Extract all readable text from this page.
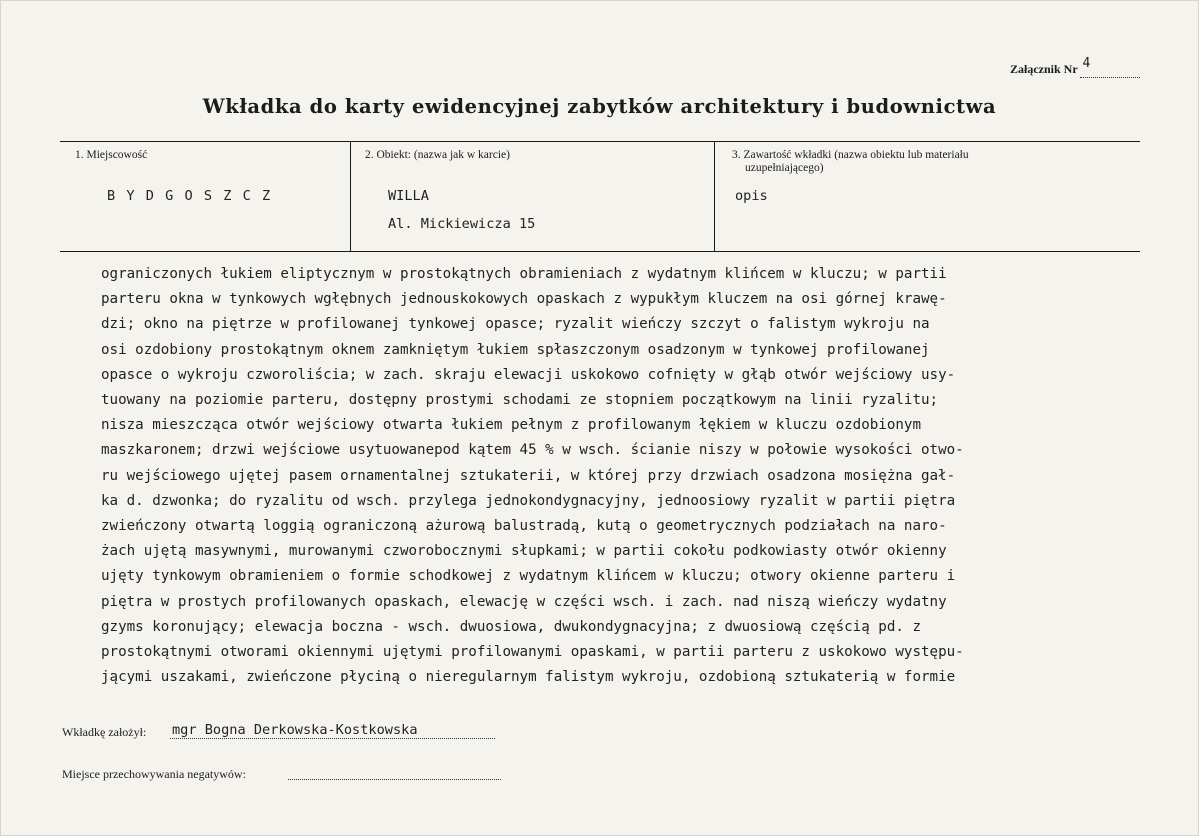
Załącznik Nr 4
Wkładka do karty ewidencyjnej zabytków architektury i budownictwa
1. Miejscowość
B Y D G O S Z C Z
2. Obiekt: (nazwa jak w karcie)
WILLA
Al. Mickiewicza 15
3. Zawartość wkładki (nazwa obiektu lub materiału
uzupełniającego)
opis
ograniczonych łukiem eliptycznym w prostokątnych obramieniach z wydatnym klińcem w kluczu; w partii
parteru okna w tynkowych wgłębnych jednouskokowych opaskach z wypukłym kluczem na osi górnej krawę-
dzi; okno na piętrze w profilowanej tynkowej opasce; ryzalit wieńczy szczyt o falistym wykroju na
osi ozdobiony prostokątnym oknem zamkniętym łukiem spłaszczonym osadzonym w tynkowej profilowanej
opasce o wykroju czworoliścia; w zach. skraju elewacji uskokowo cofnięty w głąb otwór wejściowy usy-
tuowany na poziomie parteru, dostępny prostymi schodami ze stopniem początkowym na linii ryzalitu;
nisza mieszcząca otwór wejściowy otwarta łukiem pełnym z profilowanym łękiem w kluczu ozdobionym
maszkaronem; drzwi wejściowe usytuowanepod kątem 45 % w wsch. ścianie niszy w połowie wysokości otwo-
ru wejściowego ujętej pasem ornamentalnej sztukaterii, w której przy drzwiach osadzona mosiężna gał-
ka d. dzwonka; do ryzalitu od wsch. przylega jednokondygnacyjny, jednoosiowy ryzalit w partii piętra
zwieńczony otwartą loggią ograniczoną ażurową balustradą, kutą o geometrycznych podziałach na naro-
żach ujętą masywnymi, murowanymi czworobocznymi słupkami; w partii cokołu podkowiasty otwór okienny
ujęty tynkowym obramieniem o formie schodkowej z wydatnym klińcem w kluczu; otwory okienne parteru i
piętra w prostych profilowanych opaskach, elewację w części wsch. i zach. nad niszą wieńczy wydatny
gzyms koronujący; elewacja boczna - wsch. dwuosiowa, dwukondygnacyjna; z dwuosiową częścią pd. z
prostokątnymi otworami okiennymi ujętymi profilowanymi opaskami, w partii parteru z uskokowo występu-
jącymi uszakami, zwieńczone płyciną o nieregularnym falistym wykroju, ozdobioną sztukaterią w formie
Wkładkę założył: mgr Bogna Derkowska-Kostkowska
Miejsce przechowywania negatywów:
